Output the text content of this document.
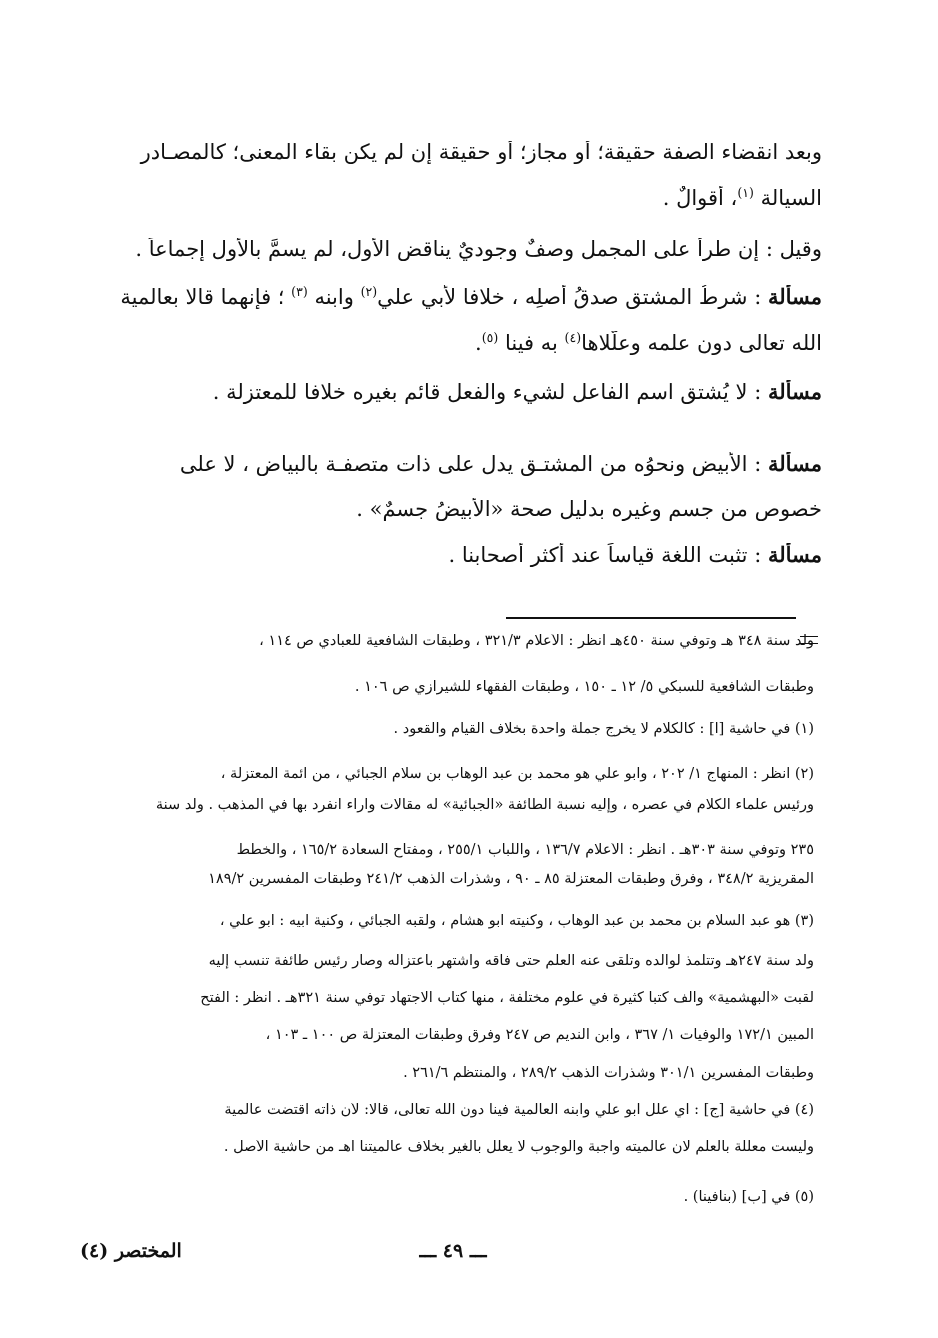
وبعد انقضاء الصفة حقيقة؛ أو مجاز؛ أو حقيقة إن لم يكن بقاء المعنى؛ كالمصـادر
السيالة $^{(١)}$، أقوالٌ .
وقيل : إن طرأ على المجمل وصفٌ وجوديٌ يناقض الأول، لم يسمَّ بالأول إجماعاً .
مسألة : شرطُ المشتق صدقُ أصلِه ، خلافا لأبي علي$^{(٢)}$ وابنه $^{(٣)}$ ؛ فإنهما قالا بعالمية
الله تعالى دون علمه وعلّلاها$^{(٤)}$ به فينا $^{(٥)}$.
مسألة : لا يُشتق اسم الفاعل لشيء والفعل قائم بغيره خلافا للمعتزلة .
مسألة : الأبيض ونحوُه من المشتـق يدل على ذات متصفـة بالبياض ، لا على
خصوصٍ من جسمٍ وغيرِه بدليل صحة «الأبيضُ جسمٌ» .
مسألة : تثبت اللغة قياساً عند أكثر أصحابنا .
ولد سنة ٣٤٨ هـ وتوفي سنة ٤٥٠هـ انظر : الأعلام ٣٢١/٣ ، وطبقات الشافعية للعبادي ص ١١٤ ،
وطبقات الشافعية للسبكي ٥/ ١٢ ـ ١٥٠ ، وطبقات الفقهاء للشيرازي ص ١٠٦ .
(١) في حاشية [أ] : كالكلام لا يخرج جملة واحدة بخلاف القيام والقعود .
(٢) انظر : المنهاج ١/ ٢٠٢ ، وأبو علي هو محمد بن عبد الوهاب بن سلام الجبائي ، من أئمة المعتزلة ،
ورئيس علماء الكلام في عصره ، وإليه نسبة الطائفة «الجبائية» له مقالات وآراء انفرد بها في المذهب . ولد سنة
٢٣٥ وتوفي سنة ٣٠٣هـ . انظر : الأعلام ١٣٦/٧ ، واللباب ٢٥٥/١ ، ومفتاح السعادة ١٦٥/٢ ، والخطط
المقريزية ٣٤٨/٢ ، وفرق وطبقات المعتزلة ٨٥ ـ ٩٠ ، وشذرات الذهب ٢٤١/٢ وطبقات المفسرين ١٨٩/٢
(٣) هو عبد السلام بن محمد بن عبد الوهاب ، وكنيته أبو هشام ، ولقبه الجبائي ، وكنية أبيه : أبو علي ،
ولد سنة ٢٤٧هـ وتتلمذ لوالده وتلقى عنه العلم حتى فاقه واشتهر باعتزاله وصار رئيس طائفة تنسب إليه
لقبت «البهشمية» وألف كتبا كثيرة في علوم مختلفة ، منها كتاب الاجتهاد توفي سنة ٣٢١هـ . انظر : الفتح
المبين ١٧٢/١ والوفيات ١/ ٣٦٧ ، وابن النديم ص ٢٤٧ وفرق وطبقات المعتزلة ص ١٠٠ ـ ١٠٣ ،
وطبقات المفسرين ٣٠١/١ وشذرات الذهب ٢٨٩/٢ ، والمنتظم ٢٦١/٦ .
(٤) في حاشية [ج] : أي علل أبو علي وابنه العالمية فينا دون الله تعالى، قالا: لأن ذاته اقتضت عالمية
وليست معللة بالعلم لان عالميته واجبة والوجوب لا يعلل بالغير بخلاف عالميتنا اهـ من حاشية الأصل .
(٥) في [ب] (بنافينا) .
ـــ ٤٩ ـــ
المختصر (٤)
